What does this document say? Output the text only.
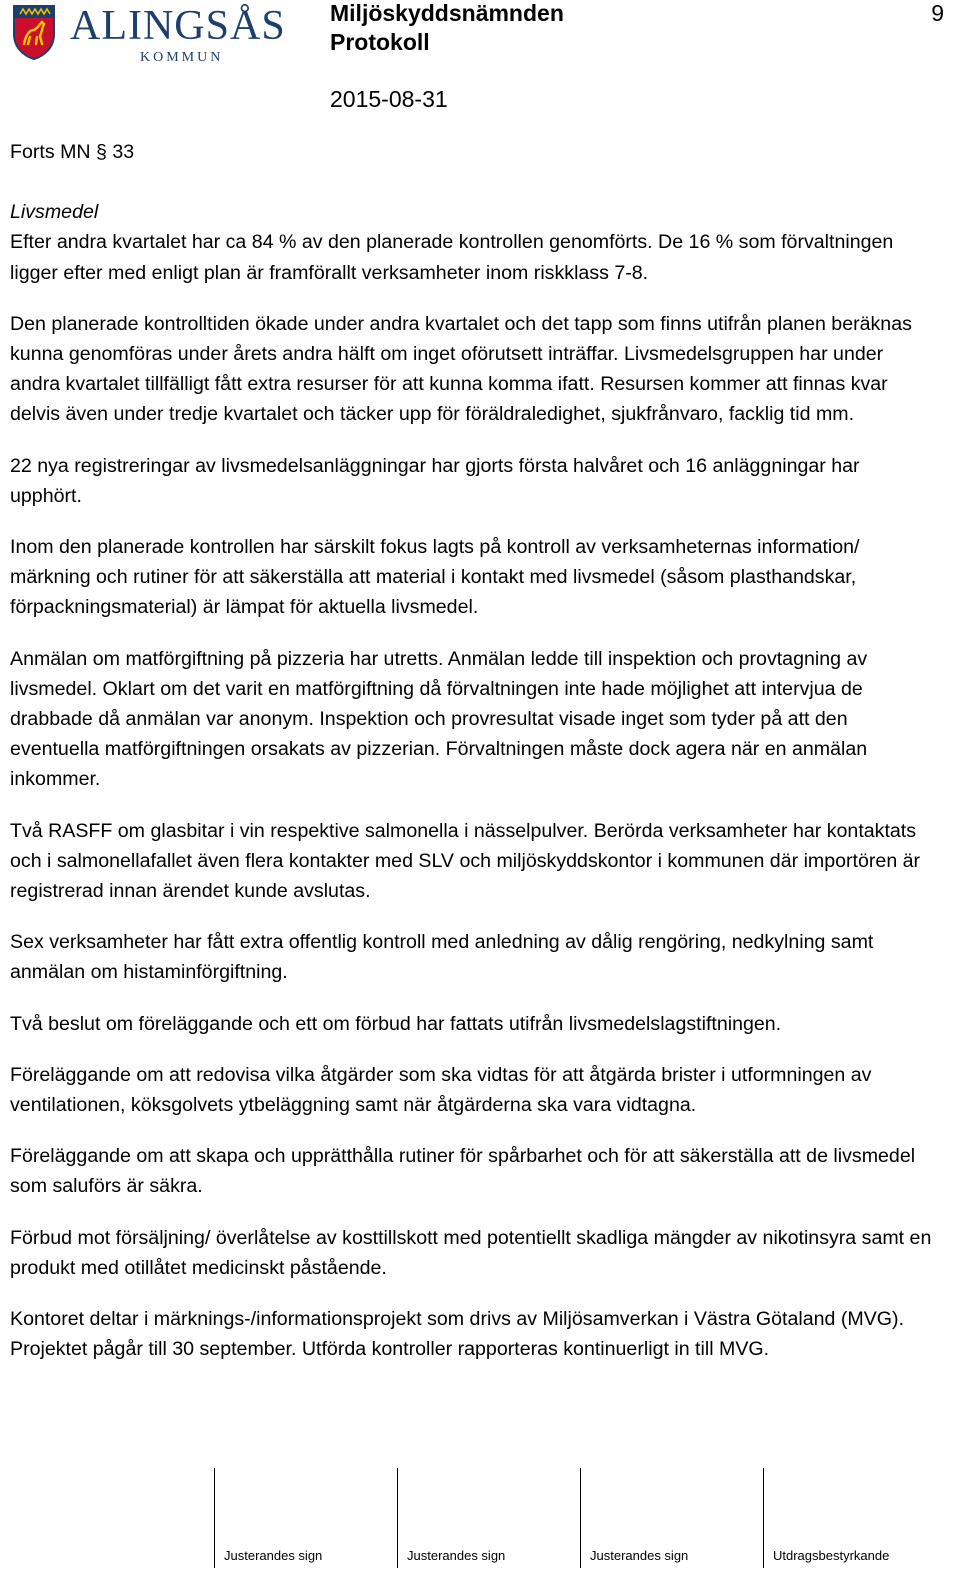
ALINGSÅS
KOMMUN
Miljöskyddsnämnden
Protokoll
2015-08-31
9

Forts MN § 33

Livsmedel

Efter andra kvartalet har ca 84 % av den planerade kontrollen genomförts. De 16 % som förvaltningen ligger efter med enligt plan är framförallt verksamheter inom riskklass 7-8.

Den planerade kontrolltiden ökade under andra kvartalet och det tapp som finns utifrån planen beräknas kunna genomföras under årets andra hälft om inget oförutsett inträffar. Livsmedelsgruppen har under andra kvartalet tillfälligt fått extra resurser för att kunna komma ifatt. Resursen kommer att finnas kvar delvis även under tredje kvartalet och täcker upp för föräldraledighet, sjukfrånvaro, facklig tid mm.

22 nya registreringar av livsmedelsanläggningar har gjorts första halvåret och 16 anläggningar har upphört.

Inom den planerade kontrollen har särskilt fokus lagts på kontroll av verksamheternas information/ märkning och rutiner för att säkerställa att material i kontakt med livsmedel (såsom plasthandskar, förpackningsmaterial) är lämpat för aktuella livsmedel.

Anmälan om matförgiftning på pizzeria har utretts. Anmälan ledde till inspektion och provtagning av livsmedel. Oklart om det varit en matförgiftning då förvaltningen inte hade möjlighet att intervjua de drabbade då anmälan var anonym. Inspektion och provresultat visade inget som tyder på att den eventuella matförgiftningen orsakats av pizzerian. Förvaltningen måste dock agera när en anmälan inkommer.

Två RASFF om glasbitar i vin respektive salmonella i nässelpulver. Berörda verksamheter har kontaktats och i salmonellafallet även flera kontakter med SLV och miljöskyddskontor i kommunen där importören är registrerad innan ärendet kunde avslutas.

Sex verksamheter har fått extra offentlig kontroll med anledning av dålig rengöring, nedkylning samt anmälan om histaminförgiftning.

Två beslut om föreläggande och ett om förbud har fattats utifrån livsmedelslagstiftningen.

Föreläggande om att redovisa vilka åtgärder som ska vidtas för att åtgärda brister i utformningen av ventilationen, köksgolvets ytbeläggning samt när åtgärderna ska vara vidtagna.

Föreläggande om att skapa och upprätthålla rutiner för spårbarhet och för att säkerställa att de livsmedel som saluförs är säkra.

Förbud mot försäljning/ överlåtelse av kosttillskott med potentiellt skadliga mängder av nikotinsyra samt en produkt med otillåtet medicinskt påstående.

Kontoret deltar i märknings-/informationsprojekt som drivs av Miljösamverkan i Västra Götaland (MVG). Projektet pågår till 30 september. Utförda kontroller rapporteras kontinuerligt in till MVG.

Justerandes sign	Justerandes sign	Justerandes sign	Utdragsbestyrkande
